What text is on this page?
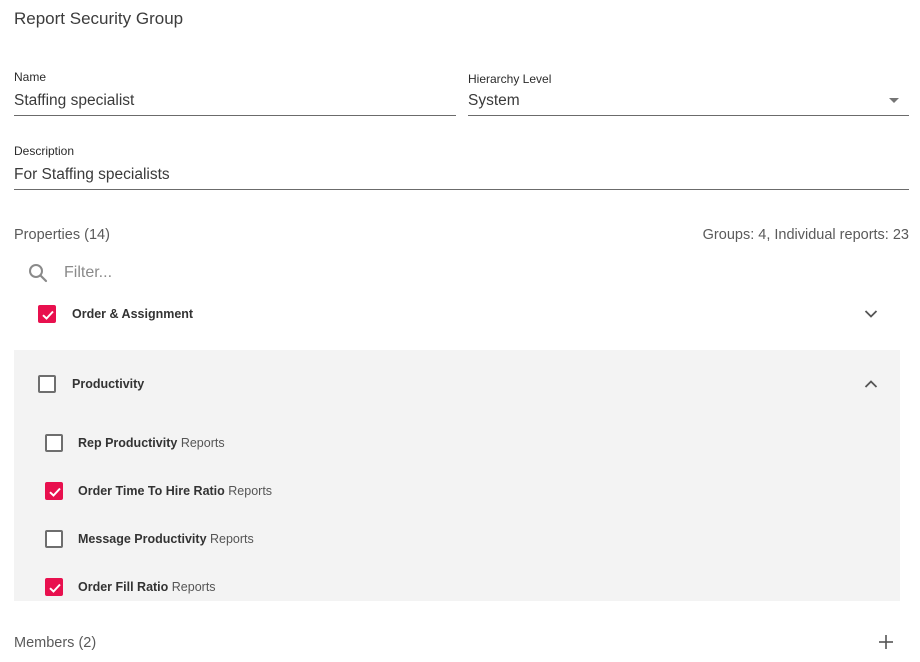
Report Security Group
Name
Staffing specialist
Hierarchy Level
System
Description
For Staffing specialists
Properties (14)	Groups: 4, Individual reports: 23
Filter...
Order & Assignment
Productivity
Rep Productivity Reports
Order Time To Hire Ratio Reports
Message Productivity Reports
Order Fill Ratio Reports
Members (2)
